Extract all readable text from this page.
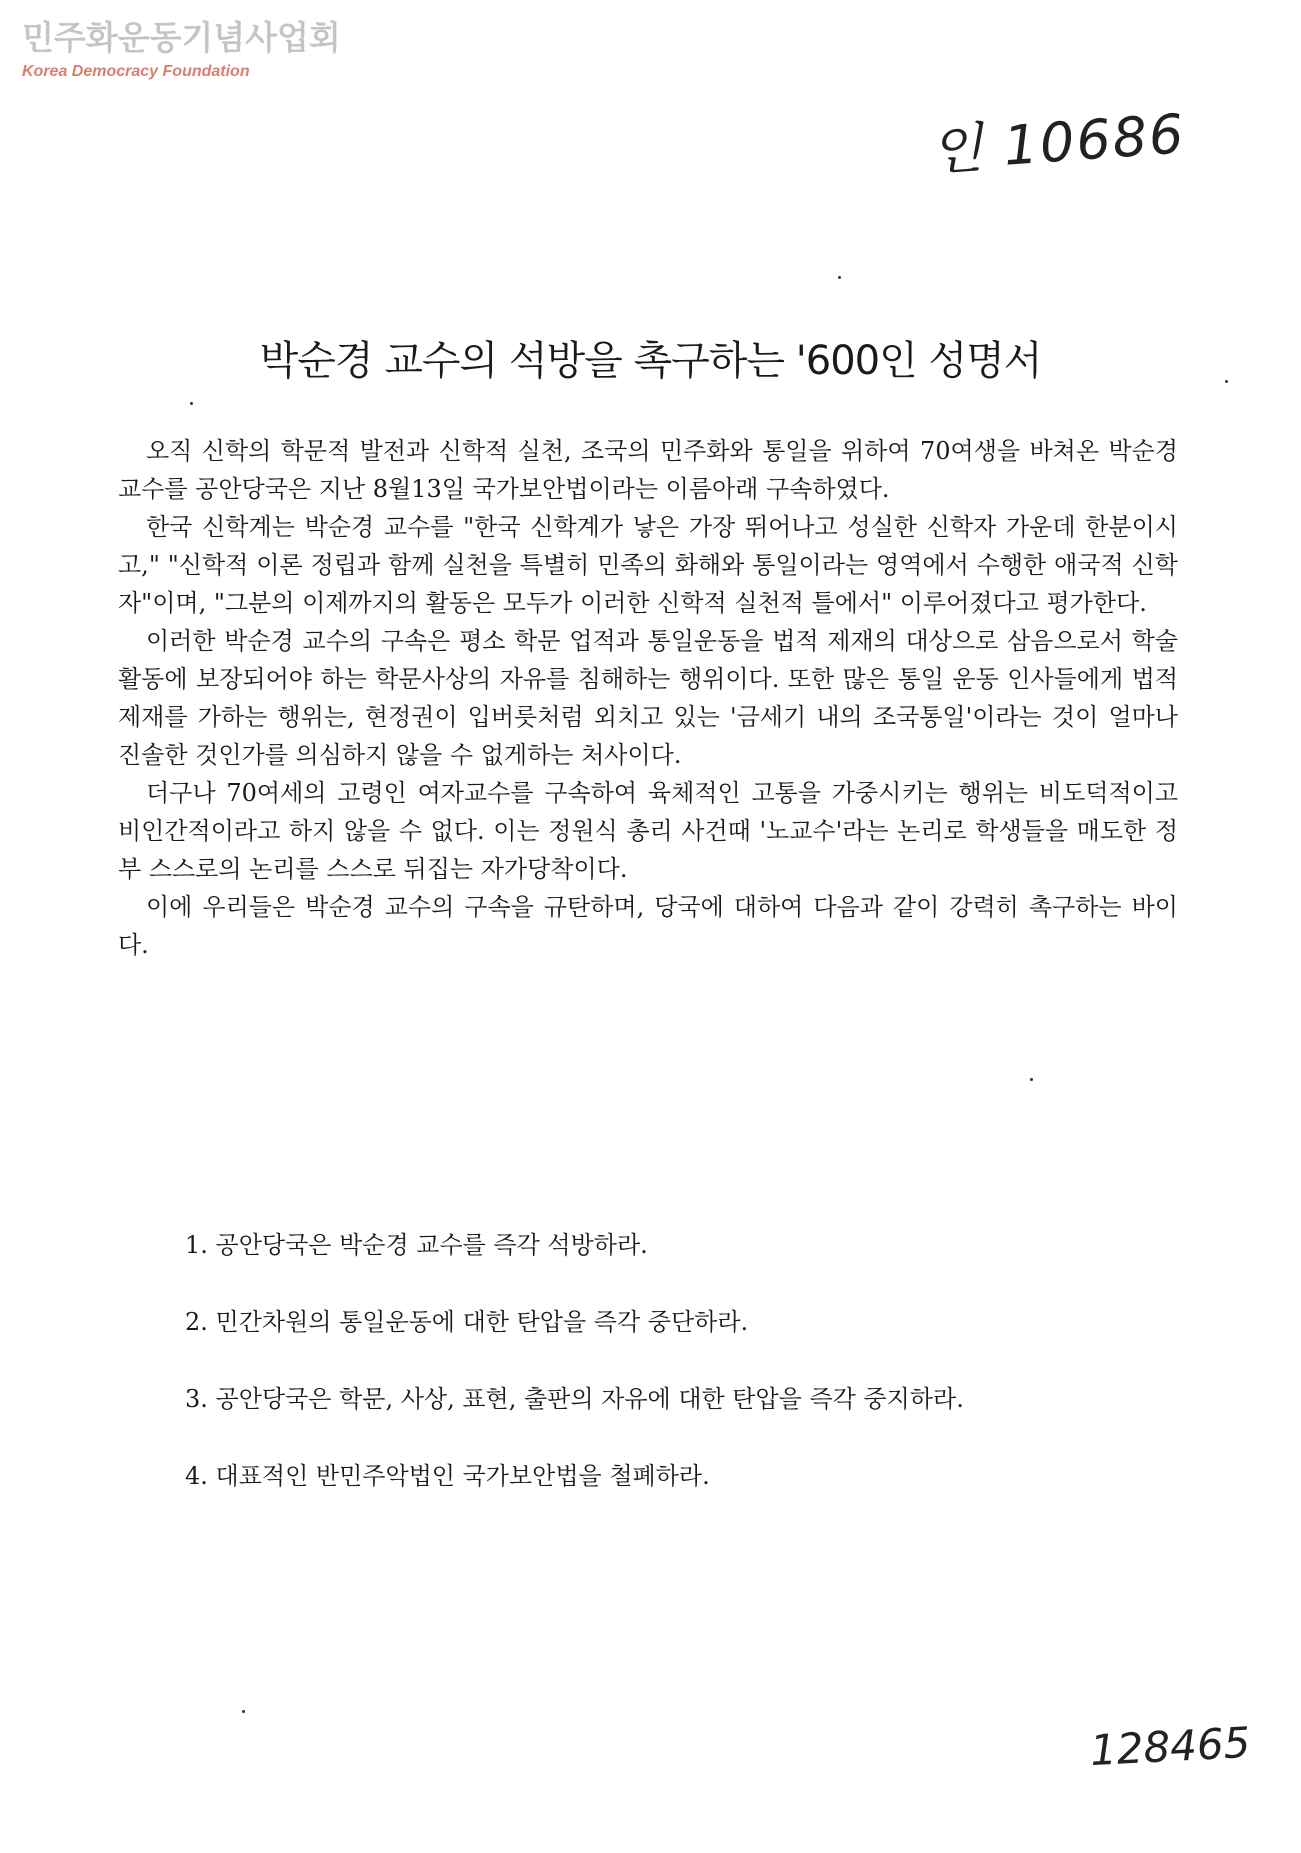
민주화운동기념사업회
Korea Democracy Foundation
인 10686
박순경 교수의 석방을 촉구하는 '600인 성명서

오직 신학의 학문적 발전과 신학적 실천, 조국의 민주화와 통일을 위하여 70여생을 바쳐온 박순경 교수를 공안당국은 지난 8월13일 국가보안법이라는 이름아래 구속하였다.

한국 신학계는 박순경 교수를 "한국 신학계가 낳은 가장 뛰어나고 성실한 신학자 가운데 한분이시고," "신학적 이론 정립과 함께 실천을 특별히 민족의 화해와 통일이라는 영역에서 수행한 애국적 신학자"이며, "그분의 이제까지의 활동은 모두가 이러한 신학적 실천적 틀에서" 이루어졌다고 평가한다.

이러한 박순경 교수의 구속은 평소 학문 업적과 통일운동을 법적 제재의 대상으로 삼음으로서 학술활동에 보장되어야 하는 학문사상의 자유를 침해하는 행위이다. 또한 많은 통일 운동 인사들에게 법적 제재를 가하는 행위는, 현정권이 입버릇처럼 외치고 있는 '금세기 내의 조국통일'이라는 것이 얼마나 진솔한 것인가를 의심하지 않을 수 없게하는 처사이다.

더구나 70여세의 고령인 여자교수를 구속하여 육체적인 고통을 가중시키는 행위는 비도덕적이고 비인간적이라고 하지 않을 수 없다. 이는 정원식 총리 사건때 '노교수'라는 논리로 학생들을 매도한 정부 스스로의 논리를 스스로 뒤집는 자가당착이다.

이에 우리들은 박순경 교수의 구속을 규탄하며, 당국에 대하여 다음과 같이 강력히 촉구하는 바이다.

1. 공안당국은 박순경 교수를 즉각 석방하라.
2. 민간차원의 통일운동에 대한 탄압을 즉각 중단하라.
3. 공안당국은 학문, 사상, 표현, 출판의 자유에 대한 탄압을 즉각 중지하라.
4. 대표적인 반민주악법인 국가보안법을 철폐하라.
128465
